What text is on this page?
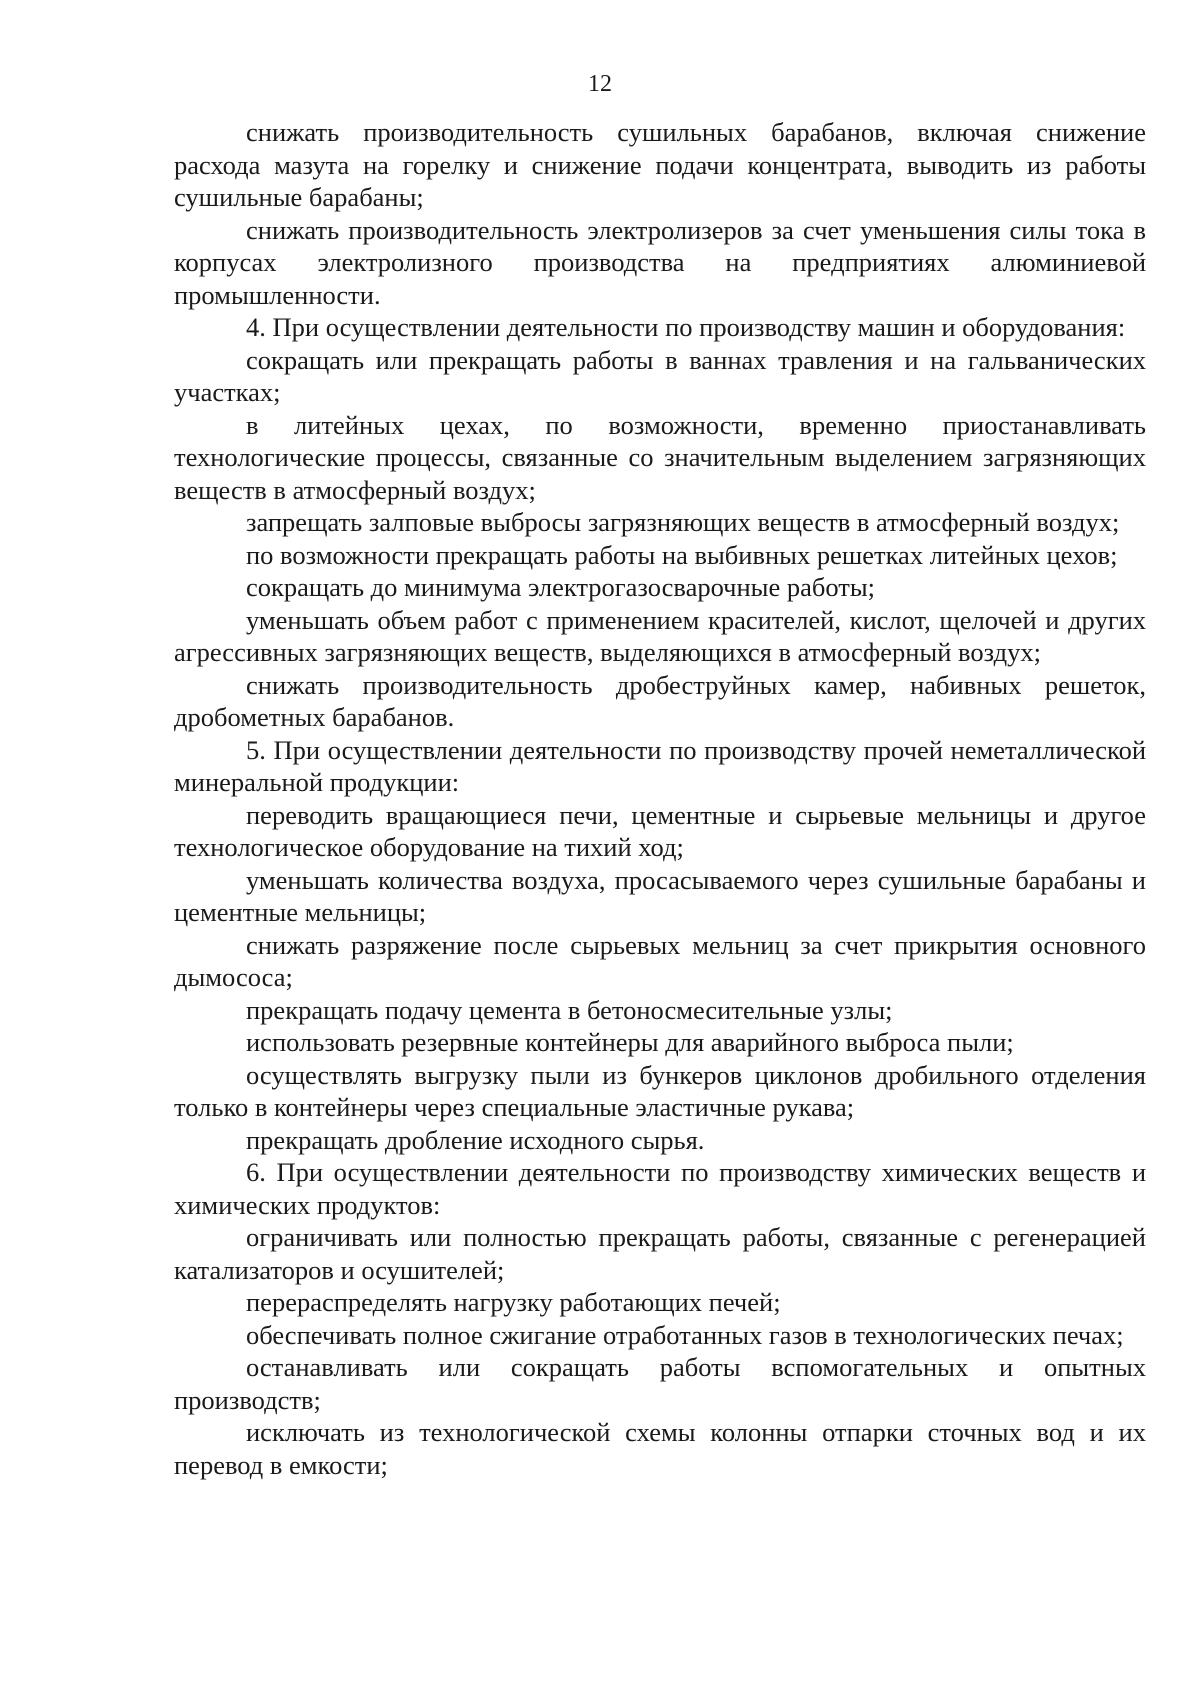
12

снижать производительность сушильных барабанов, включая снижение расхода мазута на горелку и снижение подачи концентрата, выводить из работы сушильные барабаны;

снижать производительность электролизеров за счет уменьшения силы тока в корпусах электролизного производства на предприятиях алюминиевой промышленности.

4. При осуществлении деятельности по производству машин и оборудования:

сокращать или прекращать работы в ваннах травления и на гальванических участках;

в литейных цехах, по возможности, временно приостанавливать технологические процессы, связанные со значительным выделением загрязняющих веществ в атмосферный воздух;

запрещать залповые выбросы загрязняющих веществ в атмосферный воздух;

по возможности прекращать работы на выбивных решетках литейных цехов;

сокращать до минимума электрогазосварочные работы;

уменьшать объем работ с применением красителей, кислот, щелочей и других агрессивных загрязняющих веществ, выделяющихся в атмосферный воздух;

снижать производительность дробеструйных камер, набивных решеток, дробометных барабанов.

5. При осуществлении деятельности по производству прочей неметаллической минеральной продукции:

переводить вращающиеся печи, цементные и сырьевые мельницы и другое технологическое оборудование на тихий ход;

уменьшать количества воздуха, просасываемого через сушильные барабаны и цементные мельницы;

снижать разряжение после сырьевых мельниц за счет прикрытия основного дымососа;

прекращать подачу цемента в бетоносмесительные узлы;

использовать резервные контейнеры для аварийного выброса пыли;

осуществлять выгрузку пыли из бункеров циклонов дробильного отделения только в контейнеры через специальные эластичные рукава;

прекращать дробление исходного сырья.

6. При осуществлении деятельности по производству химических веществ и химических продуктов:

ограничивать или полностью прекращать работы, связанные с регенерацией катализаторов и осушителей;

перераспределять нагрузку работающих печей;

обеспечивать полное сжигание отработанных газов в технологических печах;

останавливать или сокращать работы вспомогательных и опытных производств;

исключать из технологической схемы колонны отпарки сточных вод и их перевод в емкости;
